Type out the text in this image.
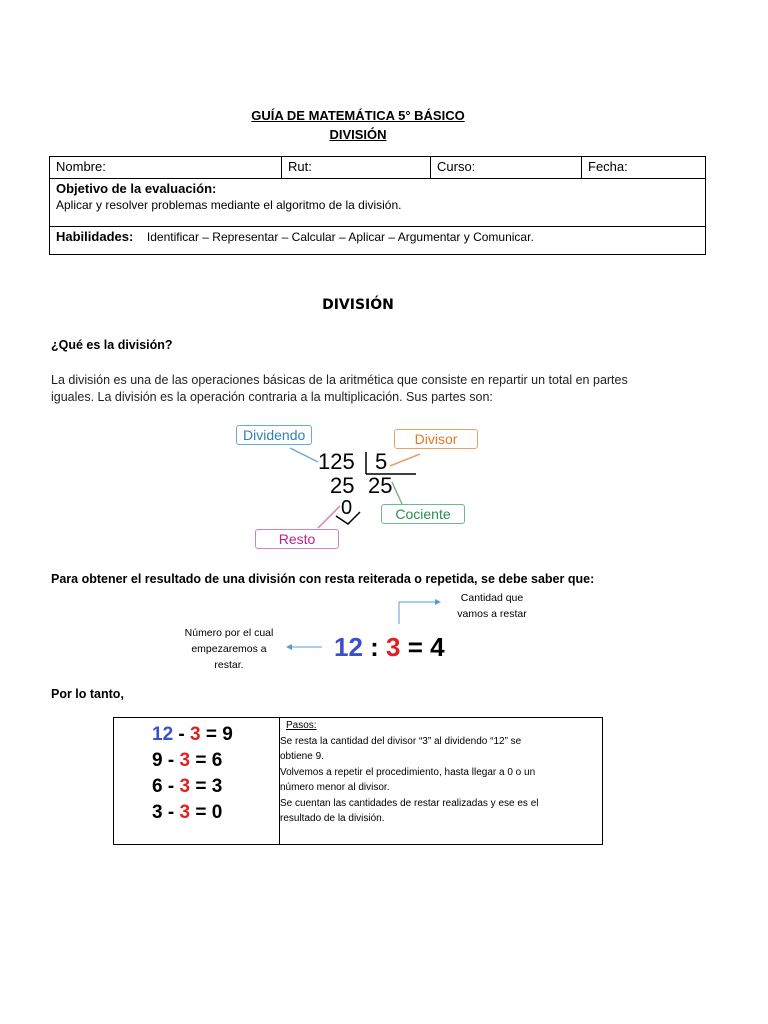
GUÍA DE MATEMÁTICA 5° BÁSICO
DIVISIÓN
Nombre:	Rut:	Curso:	Fecha:

Objetivo de la evaluación:
Aplicar y resolver problemas mediante el algoritmo de la división.

Habilidades: Identificar – Representar – Calcular – Aplicar – Argumentar y Comunicar.
DIVISIÓN
¿Qué es la división?
La división es una de las operaciones básicas de la aritmética que consiste en repartir un total en partes
iguales. La división es la operación contraria a la multiplicación. Sus partes son:
Dividendo	Divisor
Cociente
Resto
125 5
25 25
0
Para obtener el resultado de una división con resta reiterada o repetida, se debe saber que:
Cantidad que
vamos a restar
Número por el cual
empezaremos a
restar.
12 : 3 = 4
Por lo tanto,
12 - 3 = 9
9 - 3 = 6
6 - 3 = 3
3 - 3 = 0
Pasos:
Se resta la cantidad del divisor “3” al dividendo “12” se
obtiene 9.
Volvemos a repetir el procedimiento, hasta llegar a 0 o un
número menor al divisor.
Se cuentan las cantidades de restar realizadas y ese es el
resultado de la división.
